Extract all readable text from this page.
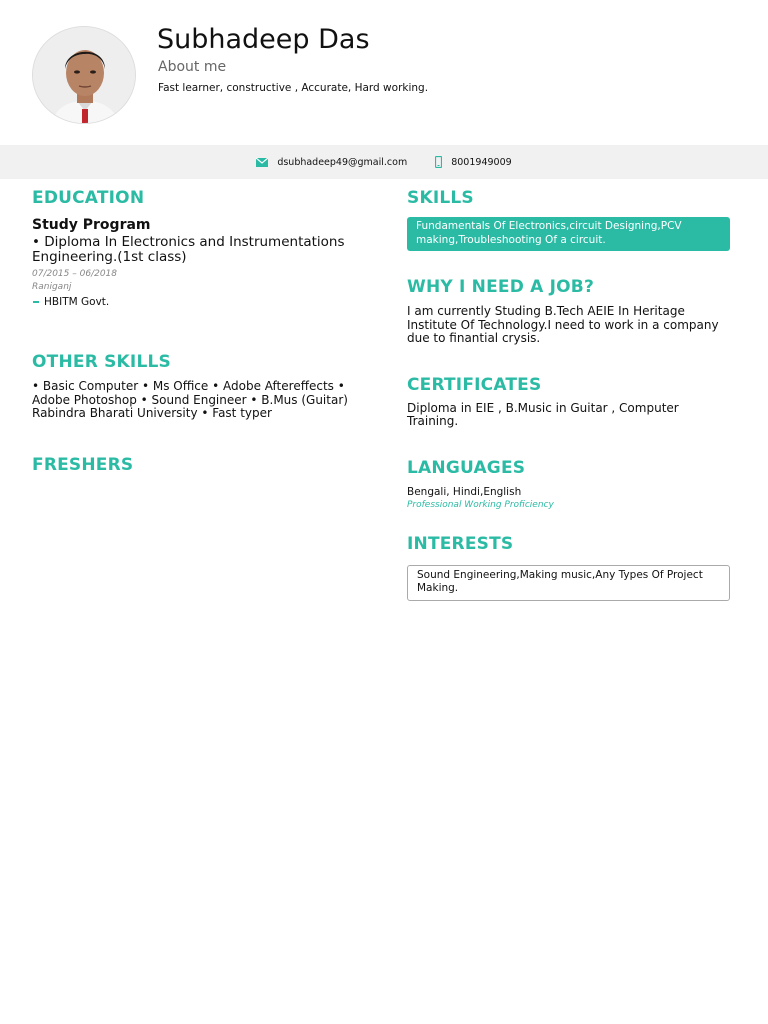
Subhadeep Das
About me
Fast learner, constructive , Accurate, Hard working.
dsubhadeep49@gmail.com	8001949009
EDUCATION
Study Program
• Diploma In Electronics and Instrumentations Engineering.(1st class)
07/2015 – 06/2018
Raniganj
HBITM Govt.
OTHER SKILLS
• Basic Computer • Ms Office • Adobe Aftereffects • Adobe Photoshop • Sound Engineer • B.Mus (Guitar) Rabindra Bharati University • Fast typer
FRESHERS
SKILLS
Fundamentals Of Electronics,circuit Designing,PCV making,Troubleshooting Of a circuit.
WHY I NEED A JOB?
I am currently Studing B.Tech AEIE In Heritage Institute Of Technology.I need to work in a company due to finantial crysis.
CERTIFICATES
Diploma in EIE , B.Music in Guitar , Computer Training.
LANGUAGES
Bengali, Hindi,English
Professional Working Proficiency
INTERESTS
Sound Engineering,Making music,Any Types Of Project Making.
